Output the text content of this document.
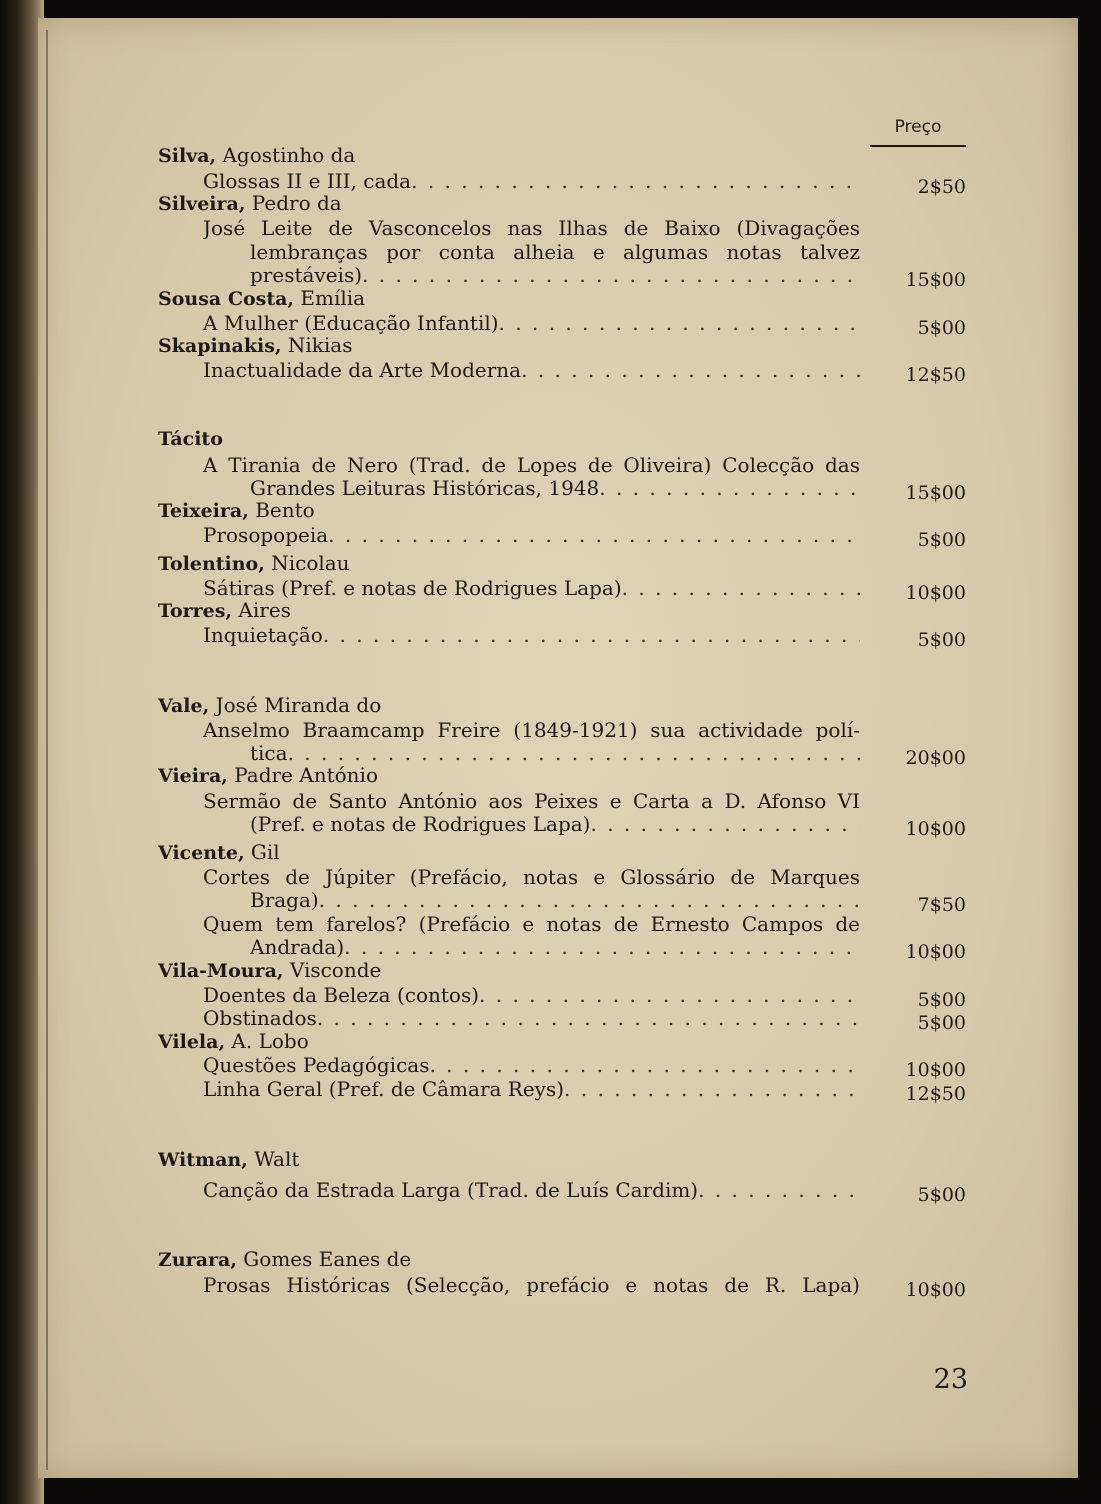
Preço
23
Silva, Agostinho da
Glossas II e III, cada . . .	2$50
Silveira, Pedro da
José Leite de Vasconcelos nas Ilhas de Baixo (Divagações
lembranças por conta alheia e algumas notas talvez
prestáveis) . . .	15$00
Sousa Costa, Emília
A Mulher (Educação Infantil) . . .	5$00
Skapinakis, Nikias
Inactualidade da Arte Moderna . . .	12$50
Tácito
A Tirania de Nero (Trad. de Lopes de Oliveira) Colecção das
Grandes Leituras Históricas, 1948 . . .	15$00
Teixeira, Bento
Prosopopeia . . .	5$00
Tolentino, Nicolau
Sátiras (Pref. e notas de Rodrigues Lapa) . . .	10$00
Torres, Aires
Inquietação . . .	5$00
Vale, José Miranda do
Anselmo Braamcamp Freire (1849-1921) sua actividade polí-
tica . . .	20$00
Vieira, Padre António
Sermão de Santo António aos Peixes e Carta a D. Afonso VI
(Pref. e notas de Rodrigues Lapa) . . .	10$00
Vicente, Gil
Cortes de Júpiter (Prefácio, notas e Glossário de Marques
Braga) . . .	7$50
Quem tem farelos? (Prefácio e notas de Ernesto Campos de
Andrada) . . .	10$00
Vila-Moura, Visconde
Doentes da Beleza (contos) . . .	5$00
Obstinados . . .	5$00
Vilela, A. Lobo
Questões Pedagógicas . . .	10$00
Linha Geral (Pref. de Câmara Reys) . . .	12$50
Witman, Walt
Canção da Estrada Larga (Trad. de Luís Cardim) . . .	5$00
Zurara, Gomes Eanes de
Prosas Históricas (Selecção, prefácio e notas de R. Lapa)	10$00
